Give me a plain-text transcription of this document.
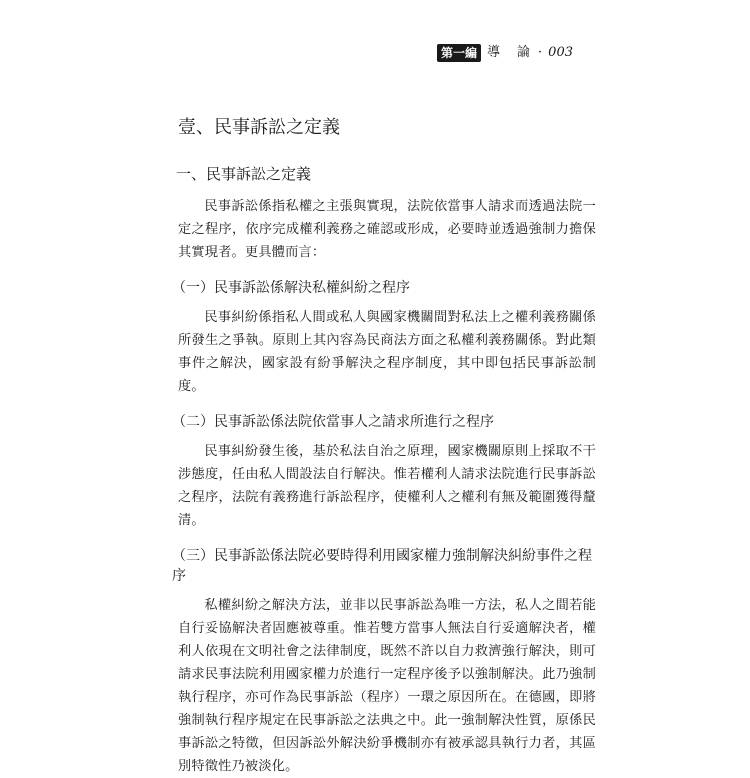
第一編 導　論 · 003
壹、民事訴訟之定義
一、民事訴訟之定義

民事訴訟係指私權之主張與實現，法院依當事人請求而透過法院一定之程序，依序完成權利義務之確認或形成，必要時並透過強制力擔保其實現者。更具體而言：

（一）民事訴訟係解決私權糾紛之程序

民事糾紛係指私人間或私人與國家機關間對私法上之權利義務關係所發生之爭執。原則上其內容為民商法方面之私權利義務關係。對此類事件之解決，國家設有紛爭解決之程序制度，其中即包括民事訴訟制度。

（二）民事訴訟係法院依當事人之請求所進行之程序

民事糾紛發生後，基於私法自治之原理，國家機關原則上採取不干涉態度，任由私人間設法自行解決。惟若權利人請求法院進行民事訴訟之程序，法院有義務進行訴訟程序，使權利人之權利有無及範圍獲得釐清。

（三）民事訴訟係法院必要時得利用國家權力強制解決糾紛事件之程序

私權糾紛之解決方法，並非以民事訴訟為唯一方法，私人之間若能自行妥協解決者固應被尊重。惟若雙方當事人無法自行妥適解決者，權利人依現在文明社會之法律制度，既然不許以自力救濟強行解決，則可請求民事法院利用國家權力於進行一定程序後予以強制解決。此乃強制執行程序，亦可作為民事訴訟（程序）一環之原因所在。在德國，即將強制執行程序規定在民事訴訟之法典之中。此一強制解決性質，原係民事訴訟之特徵，但因訴訟外解決紛爭機制亦有被承認具執行力者，其區別特徵性乃被淡化。
